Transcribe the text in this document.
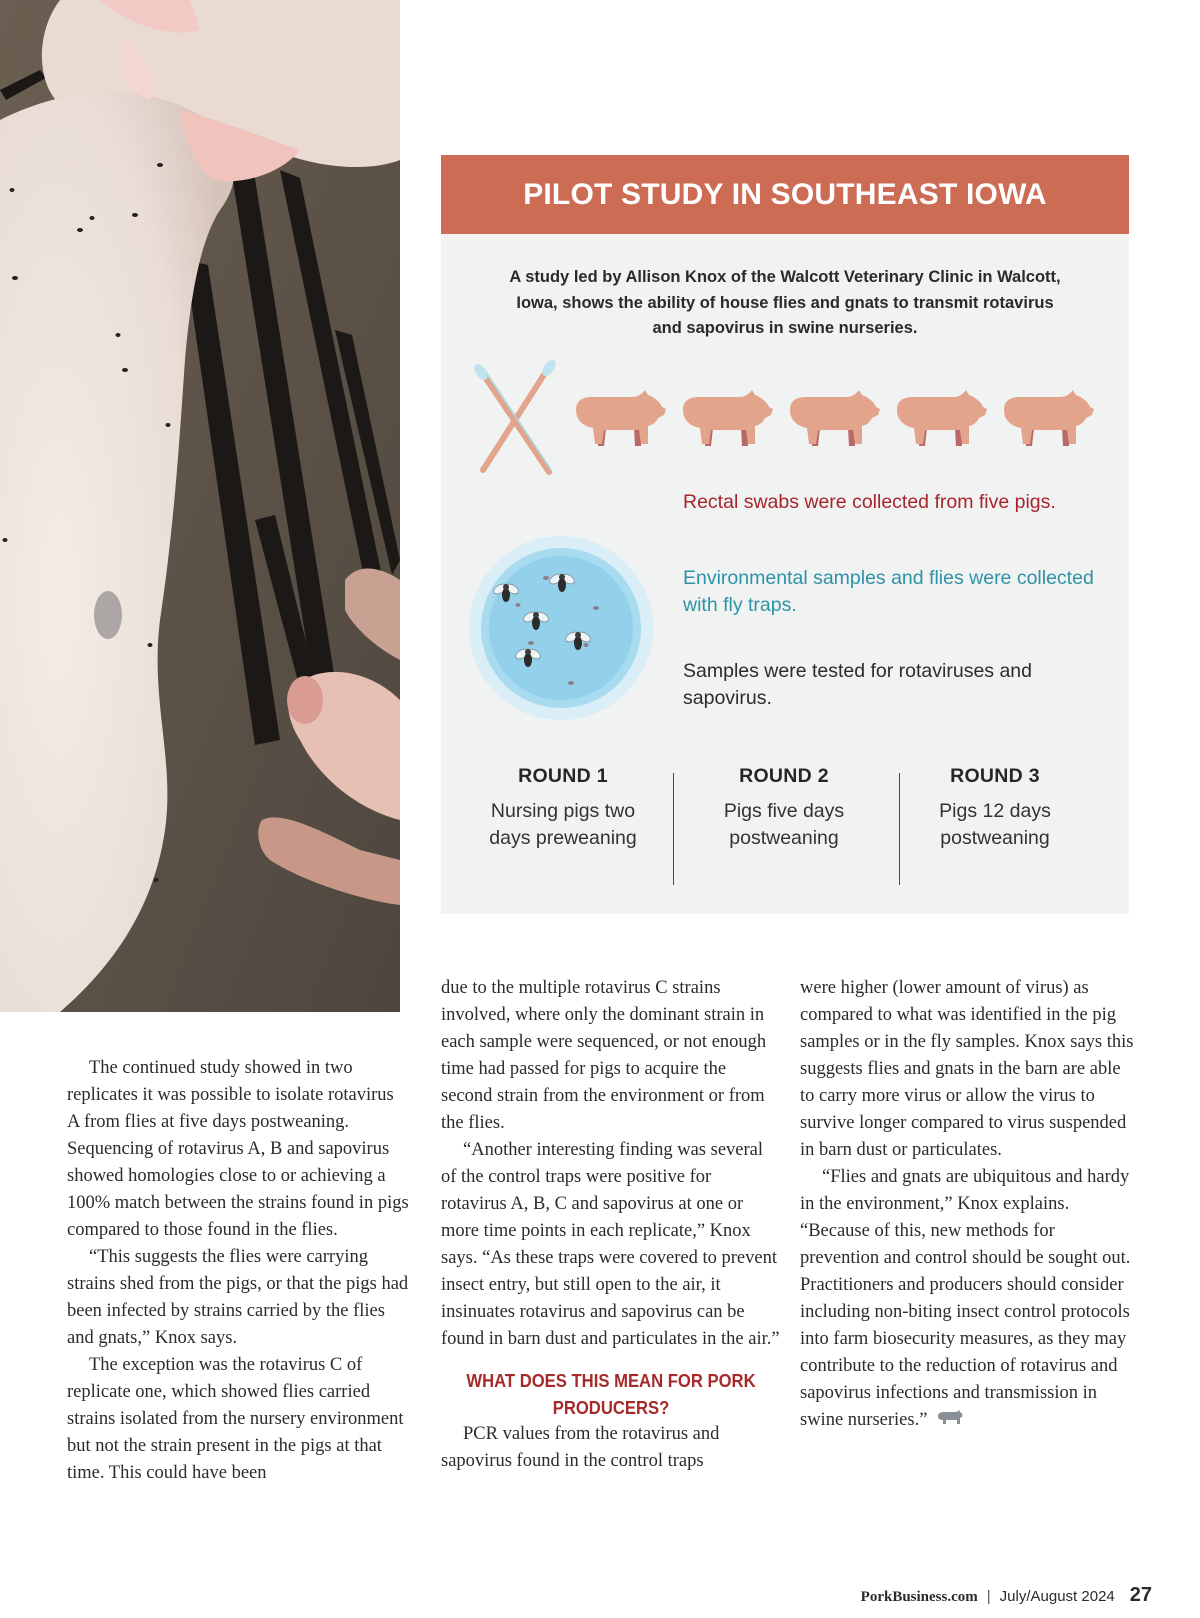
PILOT STUDY IN SOUTHEAST IOWA
A study led by Allison Knox of the Walcott Veterinary Clinic in Walcott, Iowa, shows the ability of house flies and gnats to transmit rotavirus and sapovirus in swine nurseries.
Rectal swabs were collected from five pigs.
Environmental samples and flies were collected with fly traps.
Samples were tested for rotaviruses and sapovirus.
ROUND 1
Nursing pigs two days preweaning
ROUND 2
Pigs five days postweaning
ROUND 3
Pigs 12 days postweaning

The continued study showed in two replicates it was possible to isolate rotavirus A from flies at five days postweaning. Sequencing of rotavirus A, B and sapovirus showed homologies close to or achieving a 100% match between the strains found in pigs compared to those found in the flies.

“This suggests the flies were carrying strains shed from the pigs, or that the pigs had been infected by strains carried by the flies and gnats,” Knox says.

The exception was the rotavirus C of replicate one, which showed flies carried strains isolated from the nursery environment but not the strain present in the pigs at that time. This could have been

due to the multiple rotavirus C strains involved, where only the dominant strain in each sample were sequenced, or not enough time had passed for pigs to acquire the second strain from the environment or from the flies.

“Another interesting finding was several of the control traps were positive for rotavirus A, B, C and sapovirus at one or more time points in each replicate,” Knox says. “As these traps were covered to prevent insect entry, but still open to the air, it insinuates rotavirus and sapovirus can be found in barn dust and particulates in the air.”

WHAT DOES THIS MEAN FOR PORK PRODUCERS?

PCR values from the rotavirus and sapovirus found in the control traps

were higher (lower amount of virus) as compared to what was identified in the pig samples or in the fly samples. Knox says this suggests flies and gnats in the barn are able to carry more virus or allow the virus to survive longer compared to virus suspended in barn dust or particulates.

“Flies and gnats are ubiquitous and hardy in the environment,” Knox explains. “Because of this, new methods for prevention and control should be sought out. Practitioners and producers should consider including non-biting insect control protocols into farm biosecurity measures, as they may contribute to the reduction of rotavirus and sapovirus infections and transmission in swine nurseries.”

PorkBusiness.com | July/August 2024 27
